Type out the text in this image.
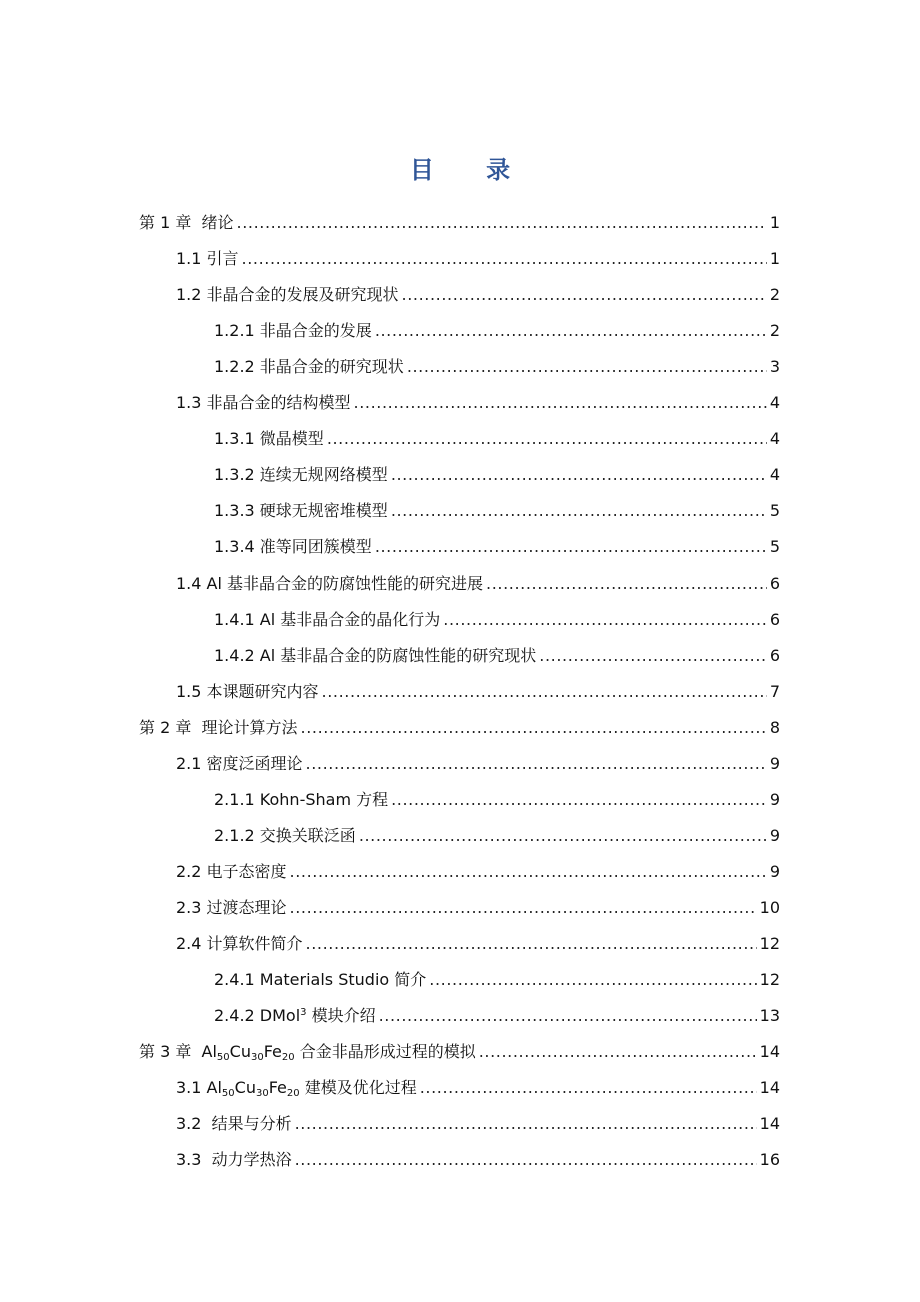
目 录
第 1 章  绪论 .....	1
1.1 引言 .....	1
1.2 非晶合金的发展及研究现状 .....	2
1.2.1 非晶合金的发展 .....	2
1.2.2 非晶合金的研究现状 .....	3
1.3 非晶合金的结构模型 .....	4
1.3.1 微晶模型 .....	4
1.3.2 连续无规网络模型 .....	4
1.3.3 硬球无规密堆模型 .....	5
1.3.4 准等同团簇模型 .....	5
1.4 Al 基非晶合金的防腐蚀性能的研究进展 .....	6
1.4.1 Al 基非晶合金的晶化行为 .....	6
1.4.2 Al 基非晶合金的防腐蚀性能的研究现状 .....	6
1.5 本课题研究内容 .....	7
第 2 章  理论计算方法 .....	8
2.1 密度泛函理论 .....	9
2.1.1 Kohn-Sham 方程 .....	9
2.1.2 交换关联泛函 .....	9
2.2 电子态密度 .....	9
2.3 过渡态理论 .....	10
2.4 计算软件简介 .....	12
2.4.1 Materials Studio 简介 .....	12
2.4.2 DMol$^3$ 模块介绍 .....	13
第 3 章  $Al_{50}Cu_{30}Fe_{20}$ 合金非晶形成过程的模拟 .....	14
3.1 $Al_{50}Cu_{30}Fe_{20}$ 建模及优化过程 .....	14
3.2  结果与分析 .....	14
3.3  动力学热浴 .....	16
